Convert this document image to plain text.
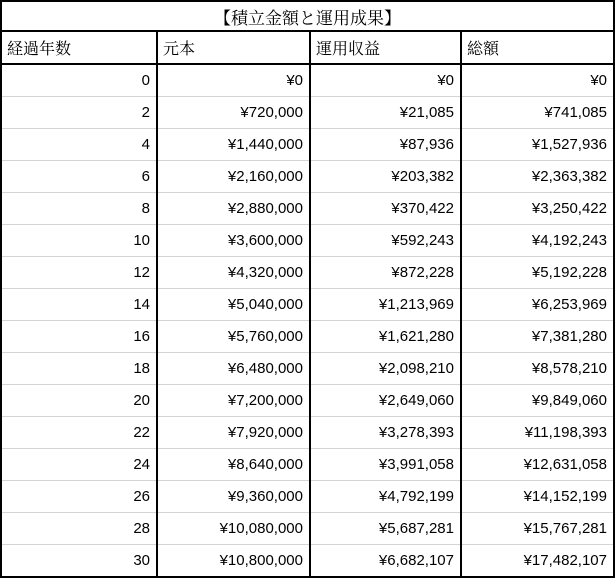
【積立金額と運用成果】			
経過年数	元本	運用収益	総額
0	¥0	¥0	¥0
2	¥720,000	¥21,085	¥741,085
4	¥1,440,000	¥87,936	¥1,527,936
6	¥2,160,000	¥203,382	¥2,363,382
8	¥2,880,000	¥370,422	¥3,250,422
10	¥3,600,000	¥592,243	¥4,192,243
12	¥4,320,000	¥872,228	¥5,192,228
14	¥5,040,000	¥1,213,969	¥6,253,969
16	¥5,760,000	¥1,621,280	¥7,381,280
18	¥6,480,000	¥2,098,210	¥8,578,210
20	¥7,200,000	¥2,649,060	¥9,849,060
22	¥7,920,000	¥3,278,393	¥11,198,393
24	¥8,640,000	¥3,991,058	¥12,631,058
26	¥9,360,000	¥4,792,199	¥14,152,199
28	¥10,080,000	¥5,687,281	¥15,767,281
30	¥10,800,000	¥6,682,107	¥17,482,107
